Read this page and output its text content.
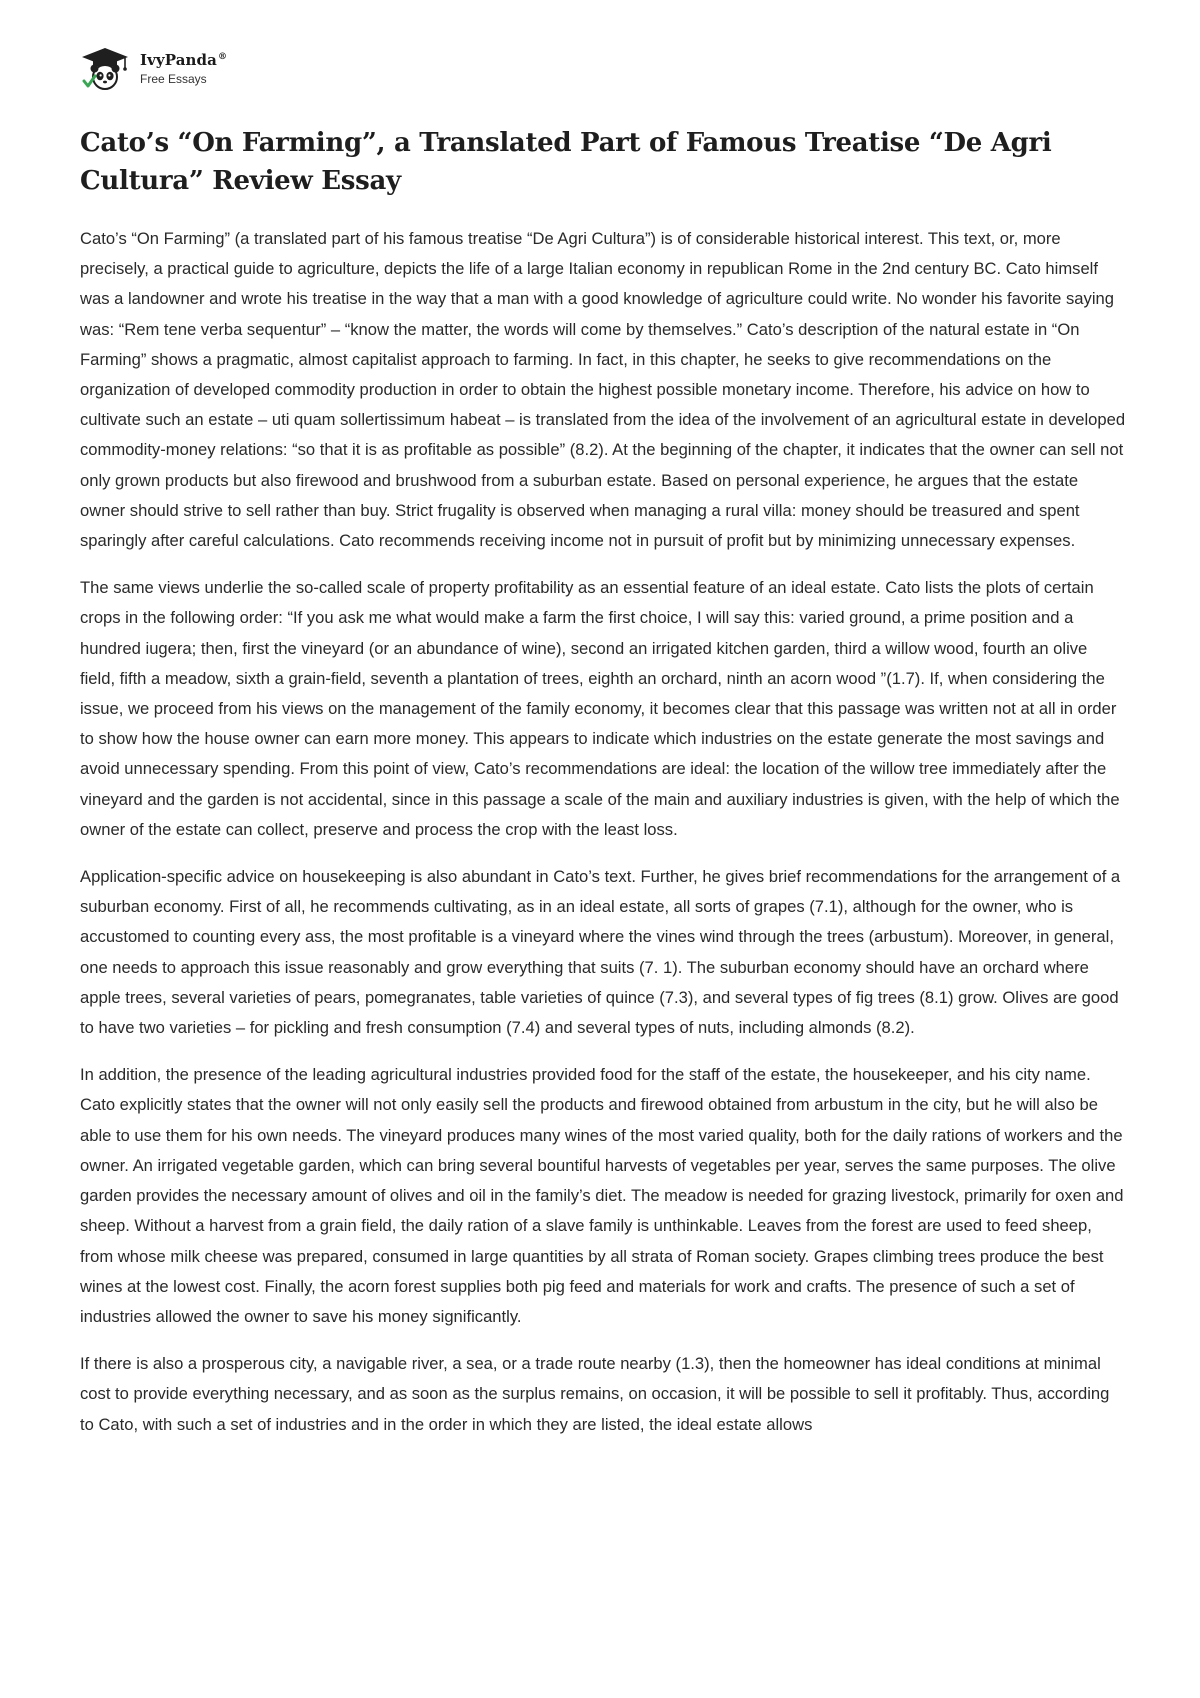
IvyPanda®
Free Essays
Cato’s “On Farming”, a Translated Part of Famous Treatise “De Agri Cultura” Review Essay

Cato’s “On Farming” (a translated part of his famous treatise “De Agri Cultura”) is of considerable historical interest. This text, or, more precisely, a practical guide to agriculture, depicts the life of a large Italian economy in republican Rome in the 2nd century BC. Cato himself was a landowner and wrote his treatise in the way that a man with a good knowledge of agriculture could write. No wonder his favorite saying was: “Rem tene verba sequentur” – “know the matter, the words will come by themselves.” Cato’s description of the natural estate in “On Farming” shows a pragmatic, almost capitalist approach to farming. In fact, in this chapter, he seeks to give recommendations on the organization of developed commodity production in order to obtain the highest possible monetary income. Therefore, his advice on how to cultivate such an estate – uti quam sollertissimum habeat – is translated from the idea of the involvement of an agricultural estate in developed commodity-money relations: “so that it is as profitable as possible” (8.2). At the beginning of the chapter, it indicates that the owner can sell not only grown products but also firewood and brushwood from a suburban estate. Based on personal experience, he argues that the estate owner should strive to sell rather than buy. Strict frugality is observed when managing a rural villa: money should be treasured and spent sparingly after careful calculations. Cato recommends receiving income not in pursuit of profit but by minimizing unnecessary expenses.

The same views underlie the so-called scale of property profitability as an essential feature of an ideal estate. Cato lists the plots of certain crops in the following order: “If you ask me what would make a farm the first choice, I will say this: varied ground, a prime position and a hundred iugera; then, first the vineyard (or an abundance of wine), second an irrigated kitchen garden, third a willow wood, fourth an olive field, fifth a meadow, sixth a grain-field, seventh a plantation of trees, eighth an orchard, ninth an acorn wood ”(1.7). If, when considering the issue, we proceed from his views on the management of the family economy, it becomes clear that this passage was written not at all in order to show how the house owner can earn more money. This appears to indicate which industries on the estate generate the most savings and avoid unnecessary spending. From this point of view, Cato’s recommendations are ideal: the location of the willow tree immediately after the vineyard and the garden is not accidental, since in this passage a scale of the main and auxiliary industries is given, with the help of which the owner of the estate can collect, preserve and process the crop with the least loss.

Application-specific advice on housekeeping is also abundant in Cato’s text. Further, he gives brief recommendations for the arrangement of a suburban economy. First of all, he recommends cultivating, as in an ideal estate, all sorts of grapes (7.1), although for the owner, who is accustomed to counting every ass, the most profitable is a vineyard where the vines wind through the trees (arbustum). Moreover, in general, one needs to approach this issue reasonably and grow everything that suits (7. 1). The suburban economy should have an orchard where apple trees, several varieties of pears, pomegranates, table varieties of quince (7.3), and several types of fig trees (8.1) grow. Olives are good to have two varieties – for pickling and fresh consumption (7.4) and several types of nuts, including almonds (8.2).

In addition, the presence of the leading agricultural industries provided food for the staff of the estate, the housekeeper, and his city name. Cato explicitly states that the owner will not only easily sell the products and firewood obtained from arbustum in the city, but he will also be able to use them for his own needs. The vineyard produces many wines of the most varied quality, both for the daily rations of workers and the owner. An irrigated vegetable garden, which can bring several bountiful harvests of vegetables per year, serves the same purposes. The olive garden provides the necessary amount of olives and oil in the family’s diet. The meadow is needed for grazing livestock, primarily for oxen and sheep. Without a harvest from a grain field, the daily ration of a slave family is unthinkable. Leaves from the forest are used to feed sheep, from whose milk cheese was prepared, consumed in large quantities by all strata of Roman society. Grapes climbing trees produce the best wines at the lowest cost. Finally, the acorn forest supplies both pig feed and materials for work and crafts. The presence of such a set of industries allowed the owner to save his money significantly.

If there is also a prosperous city, a navigable river, a sea, or a trade route nearby (1.3), then the homeowner has ideal conditions at minimal cost to provide everything necessary, and as soon as the surplus remains, on occasion, it will be possible to sell it profitably. Thus, according to Cato, with such a set of industries and in the order in which they are listed, the ideal estate allows
